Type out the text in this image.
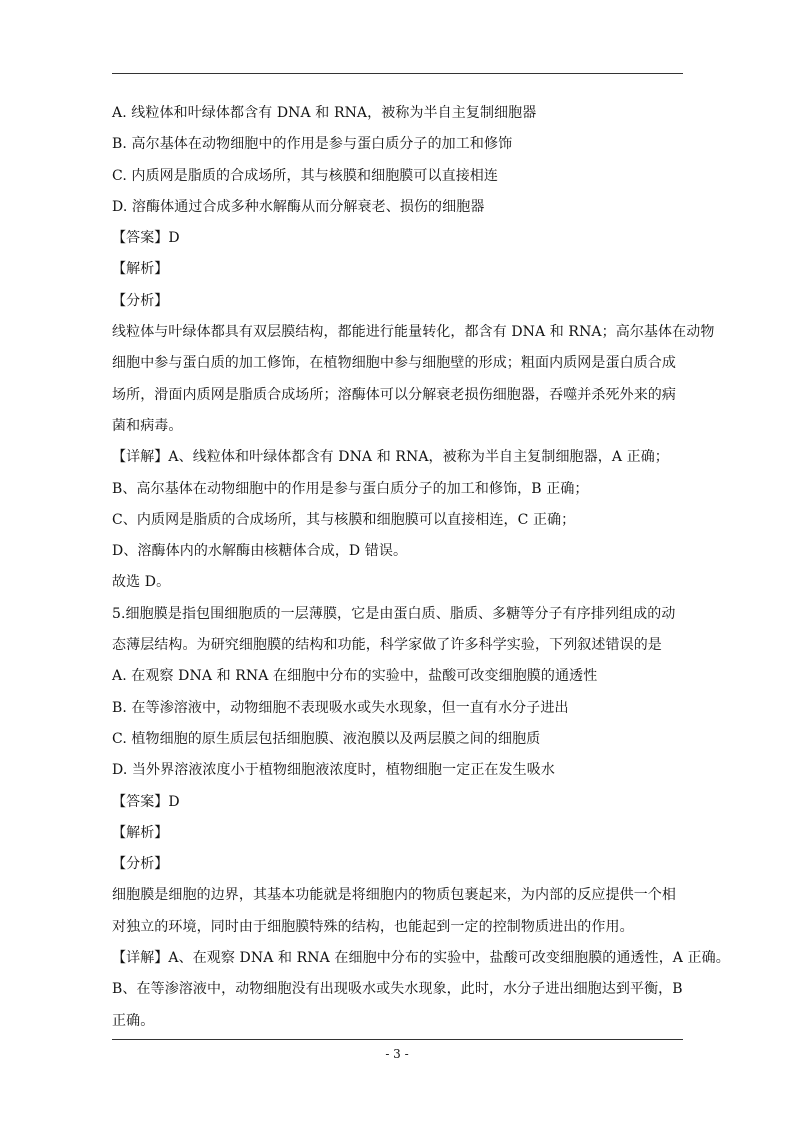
A. 线粒体和叶绿体都含有 DNA 和 RNA，被称为半自主复制细胞器
B. 高尔基体在动物细胞中的作用是参与蛋白质分子的加工和修饰
C. 内质网是脂质的合成场所，其与核膜和细胞膜可以直接相连
D. 溶酶体通过合成多种水解酶从而分解衰老、损伤的细胞器
【答案】D
【解析】
【分析】
线粒体与叶绿体都具有双层膜结构，都能进行能量转化，都含有 DNA 和 RNA；高尔基体在动物
细胞中参与蛋白质的加工修饰，在植物细胞中参与细胞壁的形成；粗面内质网是蛋白质合成
场所，滑面内质网是脂质合成场所；溶酶体可以分解衰老损伤细胞器，吞噬并杀死外来的病
菌和病毒。
【详解】A、线粒体和叶绿体都含有 DNA 和 RNA，被称为半自主复制细胞器，A 正确；
B、高尔基体在动物细胞中的作用是参与蛋白质分子的加工和修饰，B 正确；
C、内质网是脂质的合成场所，其与核膜和细胞膜可以直接相连，C 正确；
D、溶酶体内的水解酶由核糖体合成，D 错误。
故选 D。
5.细胞膜是指包围细胞质的一层薄膜，它是由蛋白质、脂质、多糖等分子有序排列组成的动
态薄层结构。为研究细胞膜的结构和功能，科学家做了许多科学实验，下列叙述错误的是
A. 在观察 DNA 和 RNA 在细胞中分布的实验中，盐酸可改变细胞膜的通透性
B. 在等渗溶液中，动物细胞不表现吸水或失水现象，但一直有水分子进出
C. 植物细胞的原生质层包括细胞膜、液泡膜以及两层膜之间的细胞质
D. 当外界溶液浓度小于植物细胞液浓度时，植物细胞一定正在发生吸水
【答案】D
【解析】
【分析】
细胞膜是细胞的边界，其基本功能就是将细胞内的物质包裹起来，为内部的反应提供一个相
对独立的环境，同时由于细胞膜特殊的结构，也能起到一定的控制物质进出的作用。
【详解】A、在观察 DNA 和 RNA 在细胞中分布的实验中，盐酸可改变细胞膜的通透性，A 正确。
B、在等渗溶液中，动物细胞没有出现吸水或失水现象，此时，水分子进出细胞达到平衡，B
正确。
- 3 -
